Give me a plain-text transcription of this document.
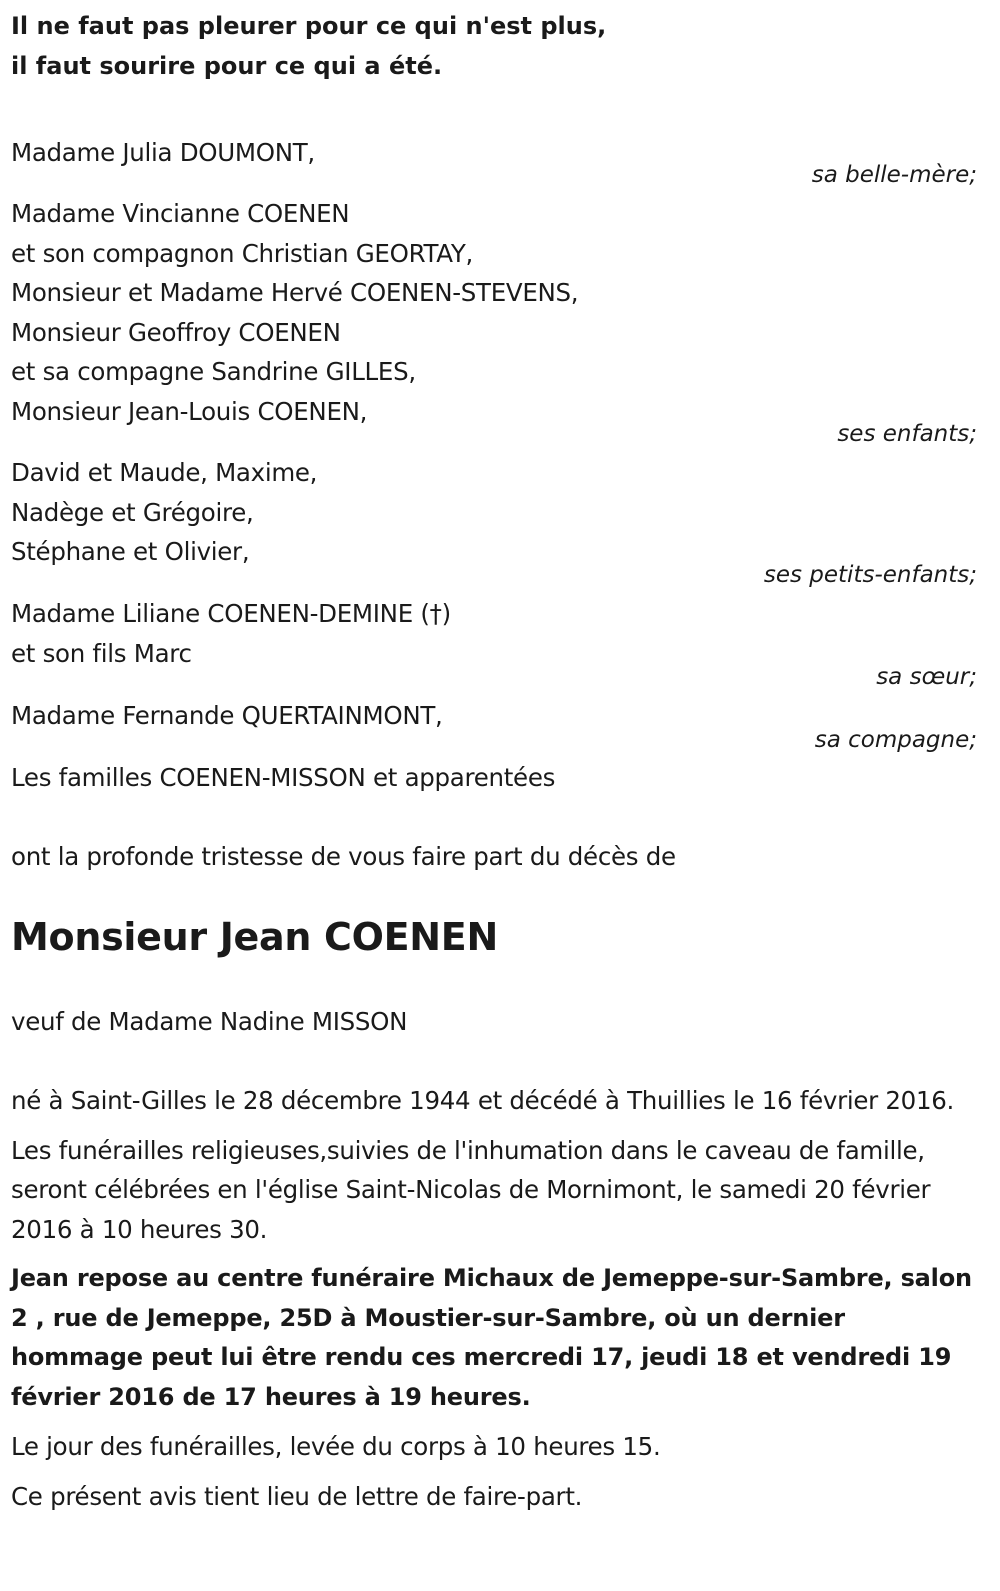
Il ne faut pas pleurer pour ce qui n'est plus,
il faut sourire pour ce qui a été.
Madame Julia DOUMONT,
sa belle-mère;
Madame Vincianne COENEN
et son compagnon Christian GEORTAY,
Monsieur et Madame Hervé COENEN-STEVENS,
Monsieur Geoffroy COENEN
et sa compagne Sandrine GILLES,
Monsieur Jean-Louis COENEN,
ses enfants;
David et Maude, Maxime,
Nadège et Grégoire,
Stéphane et Olivier,
ses petits-enfants;
Madame Liliane COENEN-DEMINE (†)
et son fils Marc
sa sœur;
Madame Fernande QUERTAINMONT,
sa compagne;
Les familles COENEN-MISSON et apparentées
ont la profonde tristesse de vous faire part du décès de
Monsieur Jean COENEN
veuf de Madame Nadine MISSON
né à Saint-Gilles le 28 décembre 1944 et décédé à Thuillies le 16 février 2016.
Les funérailles religieuses,suivies de l'inhumation dans le caveau de famille, seront célébrées en l'église Saint-Nicolas de Mornimont, le samedi 20 février 2016 à 10 heures 30.
Jean repose au centre funéraire Michaux de Jemeppe-sur-Sambre, salon 2 , rue de Jemeppe, 25D à Moustier-sur-Sambre, où un dernier hommage peut lui être rendu ces mercredi 17, jeudi 18 et vendredi 19 février 2016 de 17 heures à 19 heures.
Le jour des funérailles, levée du corps à 10 heures 15.
Ce présent avis tient lieu de lettre de faire-part.
